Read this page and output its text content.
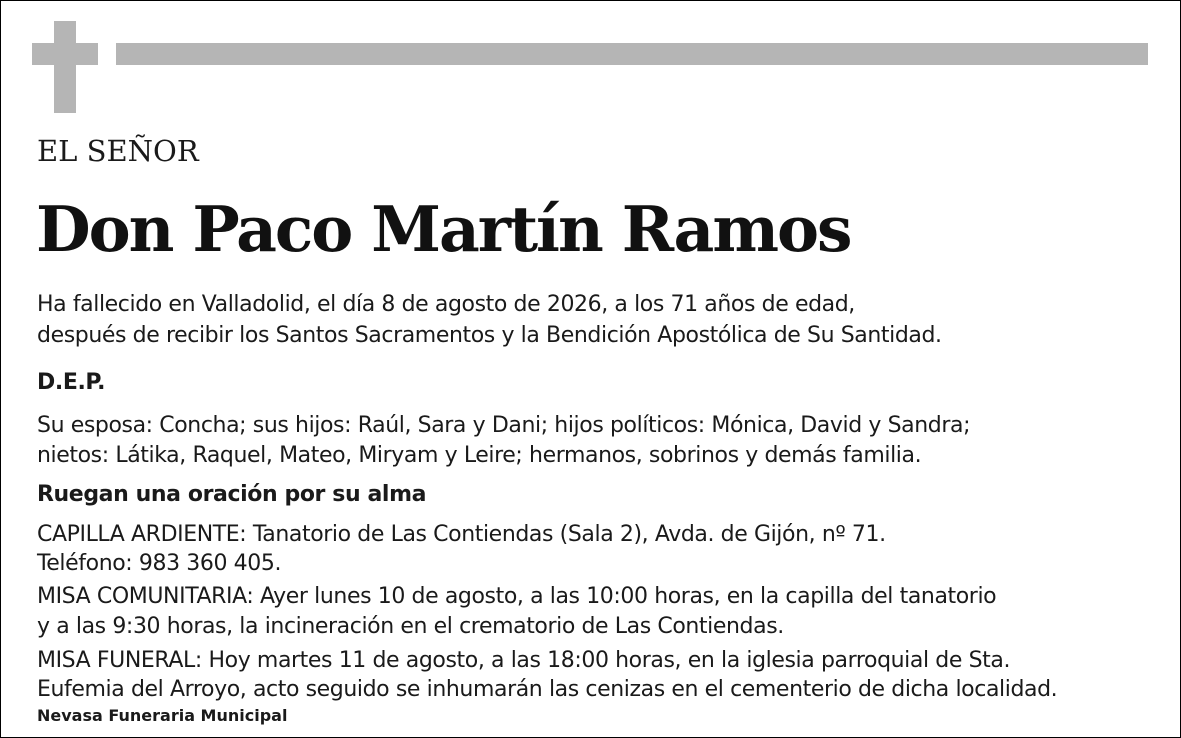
EL SEÑOR
Don Paco Martín Ramos
Ha fallecido en Valladolid, el día 8 de agosto de 2026, a los 71 años de edad,
después de recibir los Santos Sacramentos y la Bendición Apostólica de Su Santidad.
D.E.P.
Su esposa: Concha; sus hijos: Raúl, Sara y Dani; hijos políticos: Mónica, David y Sandra;
nietos: Látika, Raquel, Mateo, Miryam y Leire; hermanos, sobrinos y demás familia.
Ruegan una oración por su alma
CAPILLA ARDIENTE: Tanatorio de Las Contiendas (Sala 2), Avda. de Gijón, nº 71.
Teléfono: 983 360 405.
MISA COMUNITARIA: Ayer lunes 10 de agosto, a las 10:00 horas, en la capilla del tanatorio
y a las 9:30 horas, la incineración en el crematorio de Las Contiendas.
MISA FUNERAL: Hoy martes 11 de agosto, a las 18:00 horas, en la iglesia parroquial de Sta.
Eufemia del Arroyo, acto seguido se inhumarán las cenizas en el cementerio de dicha localidad.
Nevasa Funeraria Municipal
